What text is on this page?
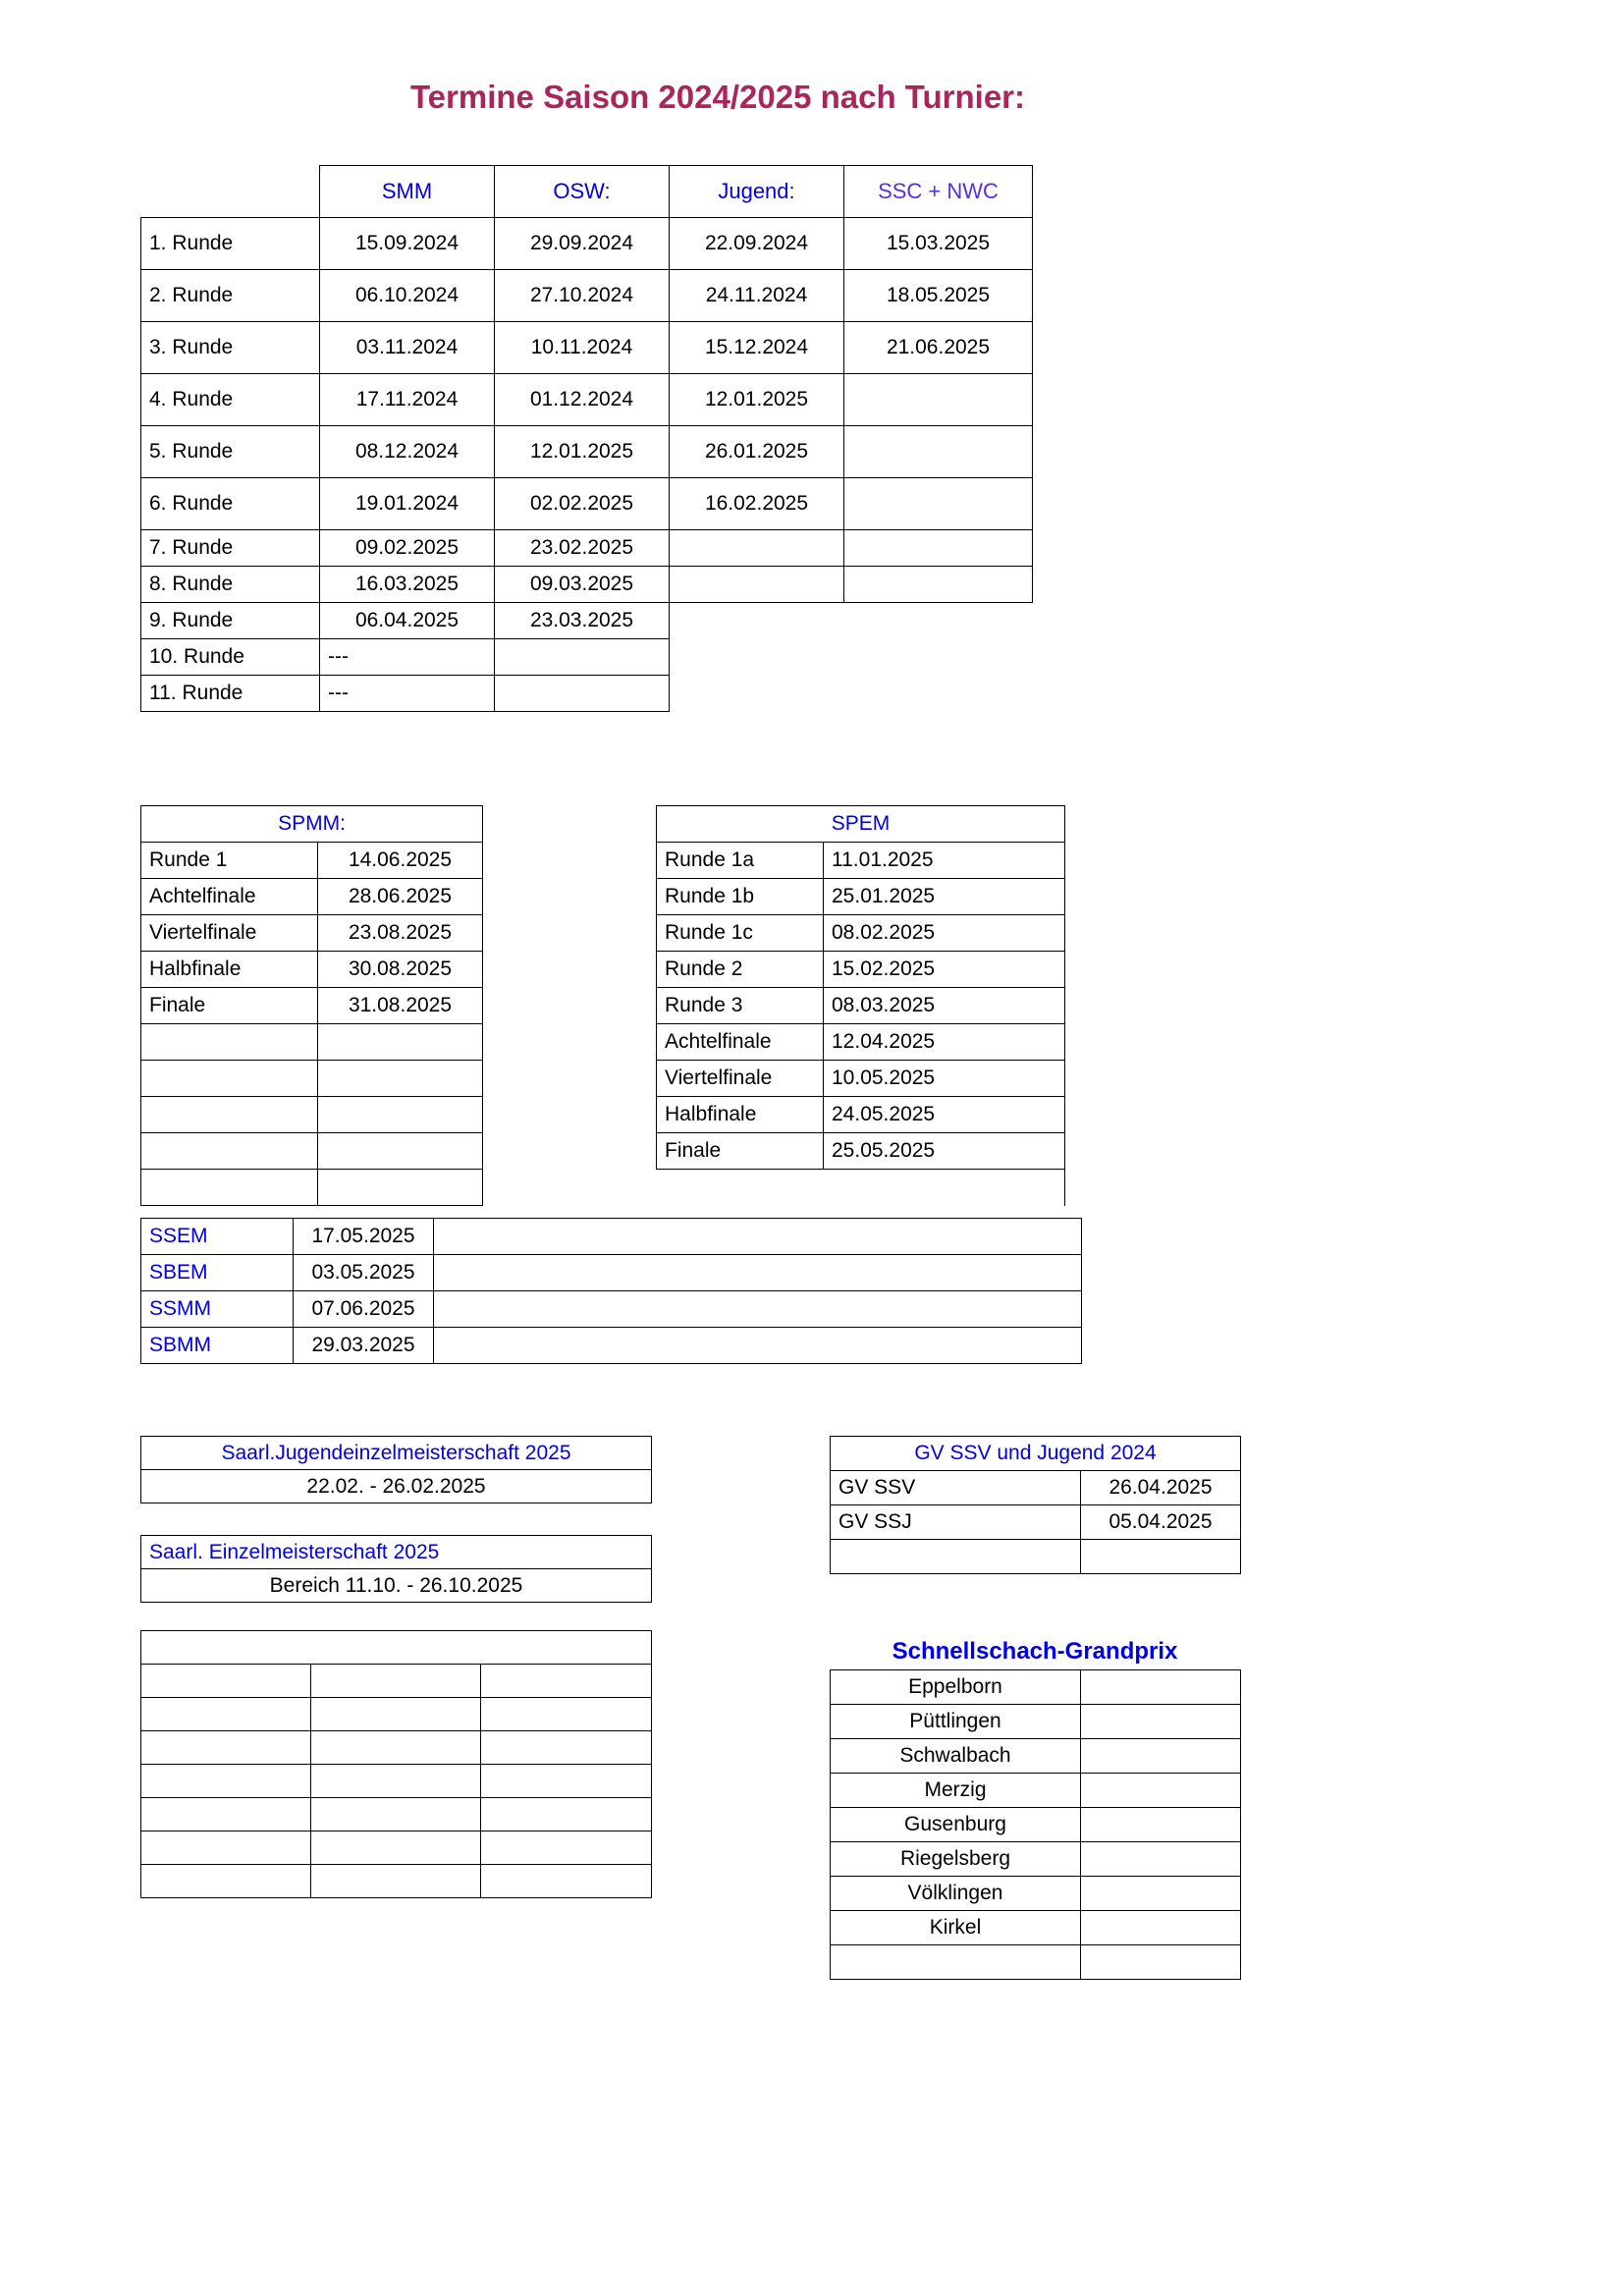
Termine Saison 2024/2025 nach Turnier:
	SMM	OSW:	Jugend:	SSC + NWC
1. Runde	15.09.2024	29.09.2024	22.09.2024	15.03.2025
2. Runde	06.10.2024	27.10.2024	24.11.2024	18.05.2025
3. Runde	03.11.2024	10.11.2024	15.12.2024	21.06.2025
4. Runde	17.11.2024	01.12.2024	12.01.2025	
5. Runde	08.12.2024	12.01.2025	26.01.2025	
6. Runde	19.01.2024	02.02.2025	16.02.2025	
7. Runde	09.02.2025	23.02.2025		
8. Runde	16.03.2025	09.03.2025		
9. Runde	06.04.2025	23.03.2025		
10. Runde	---			
11. Runde	---			
SPMM:	
Runde 1	14.06.2025
Achtelfinale	28.06.2025
Viertelfinale	23.08.2025
Halbfinale	30.08.2025
Finale	31.08.2025

SPEM	
Runde 1a	11.01.2025
Runde 1b	25.01.2025
Runde 1c	08.02.2025
Runde 2	15.02.2025
Runde 3	08.03.2025
Achtelfinale	12.04.2025
Viertelfinale	10.05.2025
Halbfinale	24.05.2025
Finale	25.05.2025
SSEM	17.05.2025	
SBEM	03.05.2025	
SSMM	07.06.2025	
SBMM	29.03.2025	
Saarl.Jugendeinzelmeisterschaft 2025
22.02. - 26.02.2025
Saarl. Einzelmeisterschaft 2025
Bereich 11.10. - 26.10.2025

GV SSV und Jugend 2024	
GV SSV	26.04.2025
GV SSJ	05.04.2025

Schnellschach-Grandprix
Eppelborn	
Püttlingen	
Schwalbach	
Merzig	
Gusenburg	
Riegelsberg	
Völklingen	
Kirkel	
